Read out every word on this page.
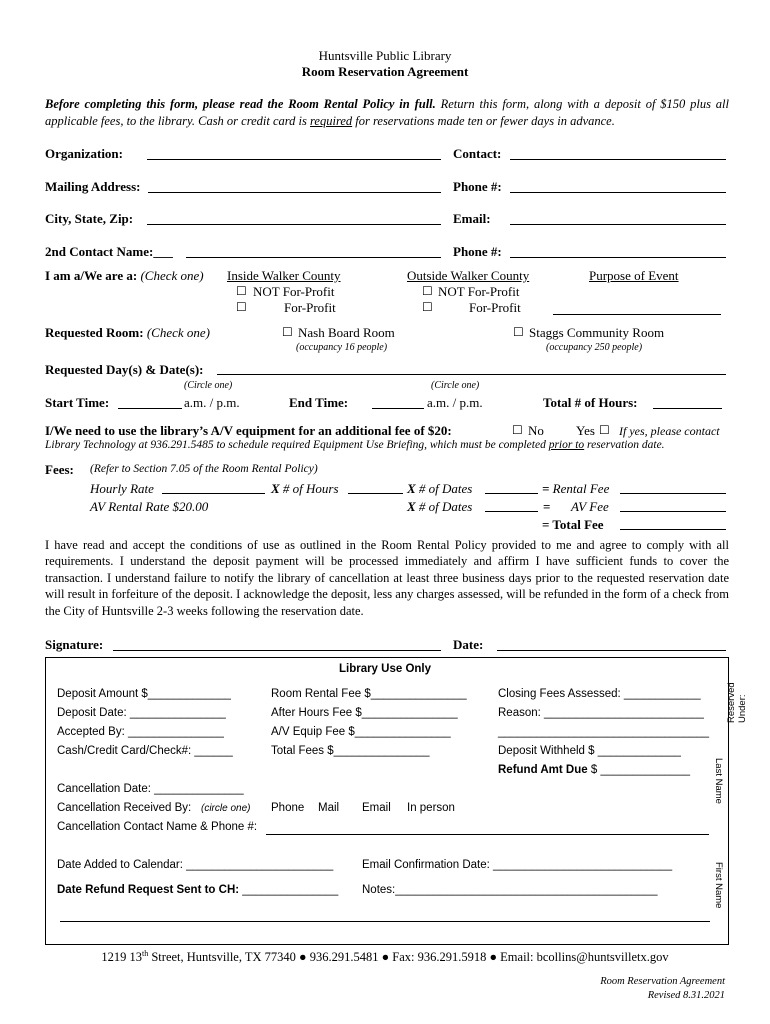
Huntsville Public Library
Room Reservation Agreement
Before completing this form, please read the Room Rental Policy in full. Return this form, along with a deposit of $150 plus all applicable fees, to the library. Cash or credit card is required for reservations made ten or fewer days in advance.
Organization:	Contact:
Mailing Address:	Phone #:
City, State, Zip:	Email:
2nd Contact Name:___	Phone #:
I am a/We are a: (Check one) Inside Walker County	Outside Walker County	Purpose of Event
☐ NOT For-Profit
☐	For-Profit
☐ NOT For-Profit
☐	For-Profit
Requested Room: (Check one)	☐ Nash Board Room
(occupancy 16 people)
☐ Staggs Community Room
(occupancy 250 people)
Requested Day(s) & Date(s):
(Circle one)	(Circle one)
Start Time:	a.m. / p.m.	End Time:	a.m. / p.m.	Total # of Hours:
I/We need to use the library’s A/V equipment for an additional fee of $20:	☐ No Yes ☐ If yes, please contact
Library Technology at 936.291.5485 to schedule required Equipment Use Briefing, which must be completed prior to reservation date.
Fees: (Refer to Section 7.05 of the Room Rental Policy)
Hourly Rate	X # of Hours	X # of Dates	= Rental Fee
AV Rental Rate $20.00	X # of Dates	= AV Fee
= Total Fee
I have read and accept the conditions of use as outlined in the Room Rental Policy provided to me and agree to comply with all requirements. I understand the deposit payment will be processed immediately and affirm I have sufficient funds to cover the transaction. I understand failure to notify the library of cancellation at least three business days prior to the requested reservation date will result in forfeiture of the deposit. I acknowledge the deposit, less any charges assessed, will be refunded in the form of a check from the City of Huntsville 2-3 weeks following the reservation date.
Signature:	Date:
Library Use Only
Deposit Amount $_____________
Deposit Date: _______________
Accepted By: _______________
Cash/Credit Card/Check#: ______
Room Rental Fee $_______________
After Hours Fee $_______________
A/V Equip Fee $_______________
Total Fees $_______________
Closing Fees Assessed: ____________
Reason: _________________________
_________________________________
Deposit Withheld $ _____________
Refund Amt Due $ ______________
Cancellation Date: ______________
Cancellation Received By: (circle one) Phone Mail Email In person
Cancellation Contact Name & Phone #:
Date Added to Calendar: _______________________	Email Confirmation Date: ____________________________
Date Refund Request Sent to CH: _______________ Notes:_________________________________________
Reserved Under:
Last Name
First Name
1219 13th Street, Huntsville, TX 77340 ● 936.291.5481 ● Fax: 936.291.5918 ● Email: bcollins@huntsvilletx.gov
Room Reservation Agreement
Revised 8.31.2021
